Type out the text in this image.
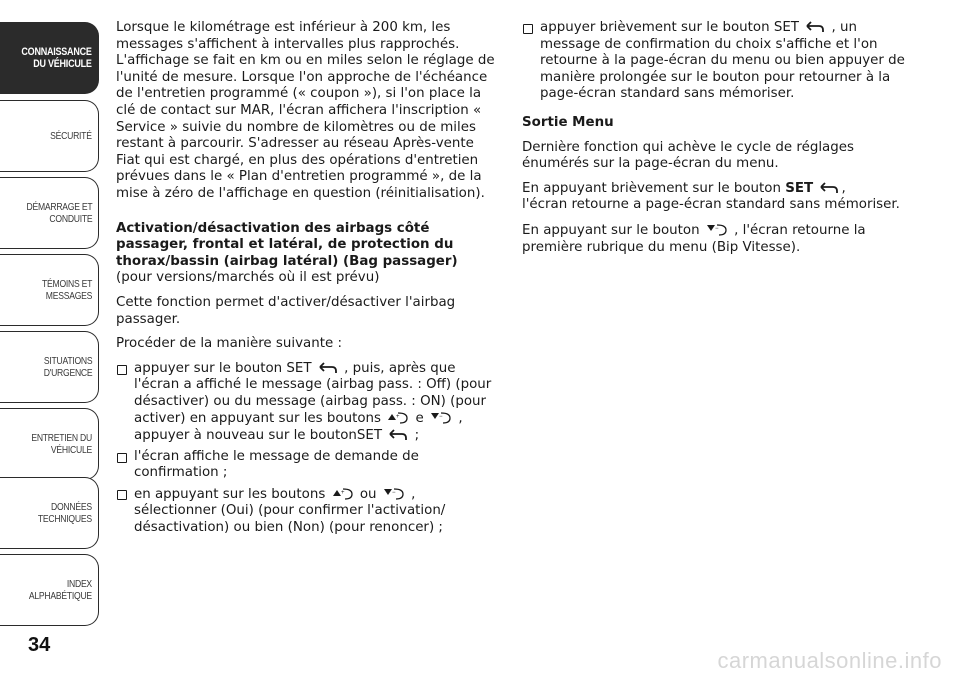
CONNAISSANCE
DU VÉHICULE
SÉCURITÉ
DÉMARRAGE ET
CONDUITE
TÉMOINS ET
MESSAGES
SITUATIONS
D'URGENCE
ENTRETIEN DU
VÉHICULE
DONNÉES
TECHNIQUES
INDEX
ALPHABÉTIQUE
34

Lorsque le kilométrage est inférieur à 200 km, les messages s'affichent à intervalles plus rapprochés. L'affichage se fait en km ou en miles selon le réglage de l'unité de mesure. Lorsque l'on approche de l'échéance de l'entretien programmé (« coupon »), si l'on place la clé de contact sur MAR, l'écran affichera l'inscription « Service » suivie du nombre de kilomètres ou de miles restant à parcourir. S'adresser au réseau Après-vente Fiat qui est chargé, en plus des opérations d'entretien prévues dans le « Plan d'entretien programmé », de la mise à zéro de l'affichage en question (réinitialisation).

Activation/désactivation des airbags côté passager, frontal et latéral, de protection du thorax/bassin (airbag latéral) (Bag passager)

(pour versions/marchés où il est prévu)

Cette fonction permet d'activer/désactiver l'airbag passager.

Procéder de la manière suivante :

appuyer sur le bouton SET , puis, après que l'écran a affiché le message (airbag pass. : Off) (pour désactiver) ou du message (airbag pass. : ON) (pour activer) en appuyant sur les boutons	+ e	− , appuyer à nouveau sur le boutonSET ;
l'écran affiche le message de demande de confirmation ;
en appuyant sur les boutons	+ ou	− , sélectionner (Oui) (pour confirmer l'activation/ désactivation) ou bien (Non) (pour renoncer) ;
appuyer brièvement sur le bouton SET , un message de confirmation du choix s'affiche et l'on retourne à la page-écran du menu ou bien appuyer de manière prolongée sur le bouton pour retourner à la page-écran standard sans mémoriser.

Sortie Menu

Dernière fonction qui achève le cycle de réglages énumérés sur la page-écran du menu.

En appuyant brièvement sur le bouton SET ,
l'écran retourne a page-écran standard sans mémoriser.

En appuyant sur le bouton	− , l'écran retourne la première rubrique du menu (Bip Vitesse).

carmanualsonline.info
